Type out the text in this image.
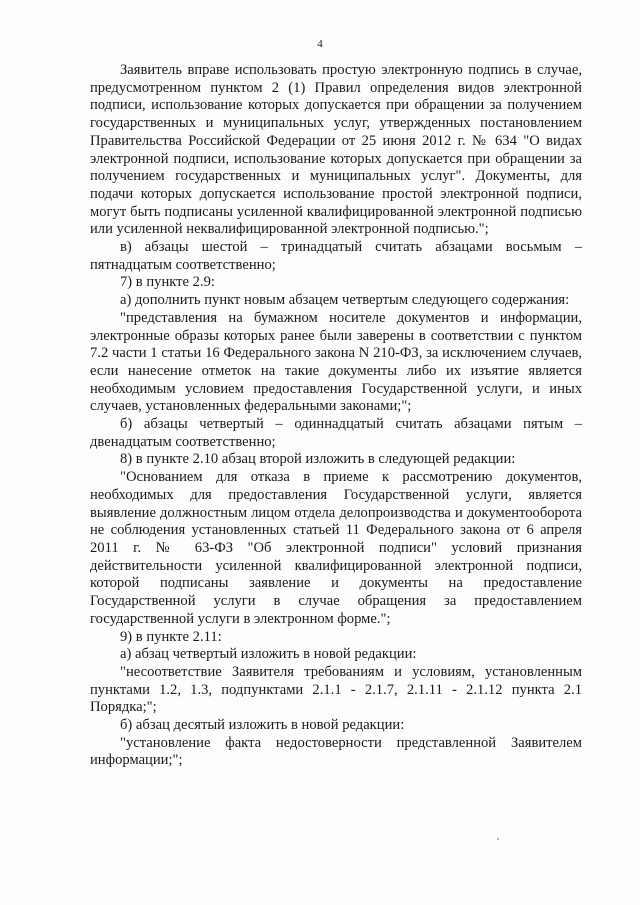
4

Заявитель вправе использовать простую электронную подпись в случае, предусмотренном пунктом 2 (1) Правил определения видов электронной подписи, использование которых допускается при обращении за получением государственных и муниципальных услуг, утвержденных постановлением Правительства Российской Федерации от 25 июня 2012 г. № 634 "О видах электронной подписи, использование которых допускается при обращении за получением государственных и муниципальных услуг". Документы, для подачи которых допускается использование простой электронной подписи, могут быть подписаны усиленной квалифицированной электронной подписью или усиленной неквалифицированной электронной подписью.";

в) абзацы шестой – тринадцатый считать абзацами восьмым – пятнадцатым соответственно;

7) в пункте 2.9:

а) дополнить пункт новым абзацем четвертым следующего содержания:

"представления на бумажном носителе документов и информации, электронные образы которых ранее были заверены в соответствии с пунктом 7.2 части 1 статьи 16 Федерального закона N 210-ФЗ, за исключением случаев, если нанесение отметок на такие документы либо их изъятие является необходимым условием предоставления Государственной услуги, и иных случаев, установленных федеральными законами;";

б) абзацы четвертый – одиннадцатый считать абзацами пятым – двенадцатым соответственно;

8) в пункте 2.10 абзац второй изложить в следующей редакции:

"Основанием для отказа в приеме к рассмотрению документов, необходимых для предоставления Государственной услуги, является выявление должностным лицом отдела делопроизводства и документооборота не соблюдения установленных статьей 11 Федерального закона от 6 апреля 2011 г. № 63-ФЗ "Об электронной подписи" условий признания действительности усиленной квалифицированной электронной подписи, которой подписаны заявление и документы на предоставление Государственной услуги в случае обращения за предоставлением государственной услуги в электронном форме.";

9) в пункте 2.11:

а) абзац четвертый изложить в новой редакции:

"несоответствие Заявителя требованиям и условиям, установленным пунктами 1.2, 1.3, подпунктами 2.1.1 - 2.1.7, 2.1.11 - 2.1.12 пункта 2.1 Порядка;";

б) абзац десятый изложить в новой редакции:

"установление факта недостоверности представленной Заявителем информации;";
